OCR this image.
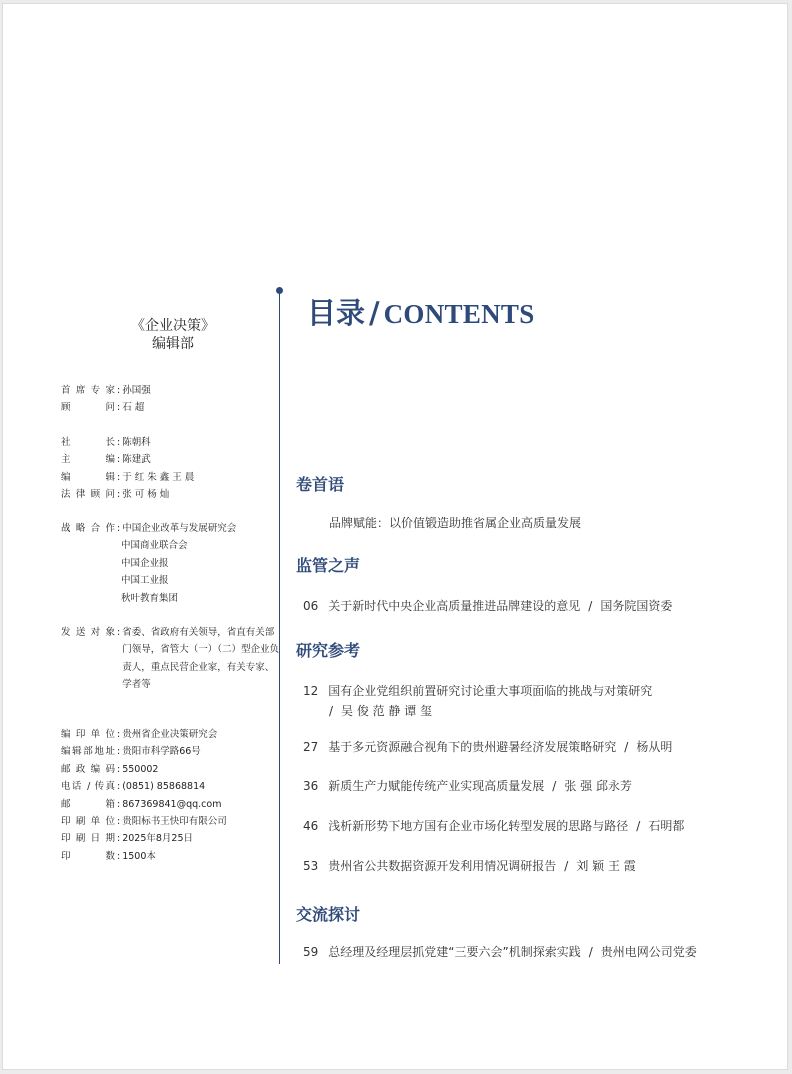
《企业决策》
编辑部
首席专家 : 孙国强
顾问 : 石 超
社长 : 陈朝科
主编 : 陈建武
编辑 : 于 红 朱 鑫 王 晨
法律顾问 : 张 可 杨 灿
战略合作 : 中国企业改革与发展研究会
中国商业联合会
中国企业报
中国工业报
秋叶教育集团
发送对象 : 省委、省政府有关领导，省直有关部门领导，省管大（一）（二）型企业负责人，重点民营企业家，有关专家、学者等
编印单位 : 贵州省企业决策研究会
编辑部地址 : 贵阳市科学路66号
邮政编码 : 550002
电话 / 传真 : (0851) 85868814
邮箱 : 867369841@qq.com
印刷单位 : 贵阳标书王快印有限公司
印刷日期 : 2025年8月25日
印数 : 1500本
目录 / CONTENTS
卷首语
品牌赋能：以价值锻造助推省属企业高质量发展
监管之声
06 关于新时代中央企业高质量推进品牌建设的意见 / 国务院国资委
研究参考
12 国有企业党组织前置研究讨论重大事项面临的挑战与对策研究
/ 吴 俊 范 静 谭 玺
27 基于多元资源融合视角下的贵州避暑经济发展策略研究 / 杨从明
36 新质生产力赋能传统产业实现高质量发展 / 张 强 邱永芳
46 浅析新形势下地方国有企业市场化转型发展的思路与路径 / 石明都
53 贵州省公共数据资源开发利用情况调研报告 / 刘 颖 王 霞
交流探讨
59 总经理及经理层抓党建“三要六会”机制探索实践 / 贵州电网公司党委
